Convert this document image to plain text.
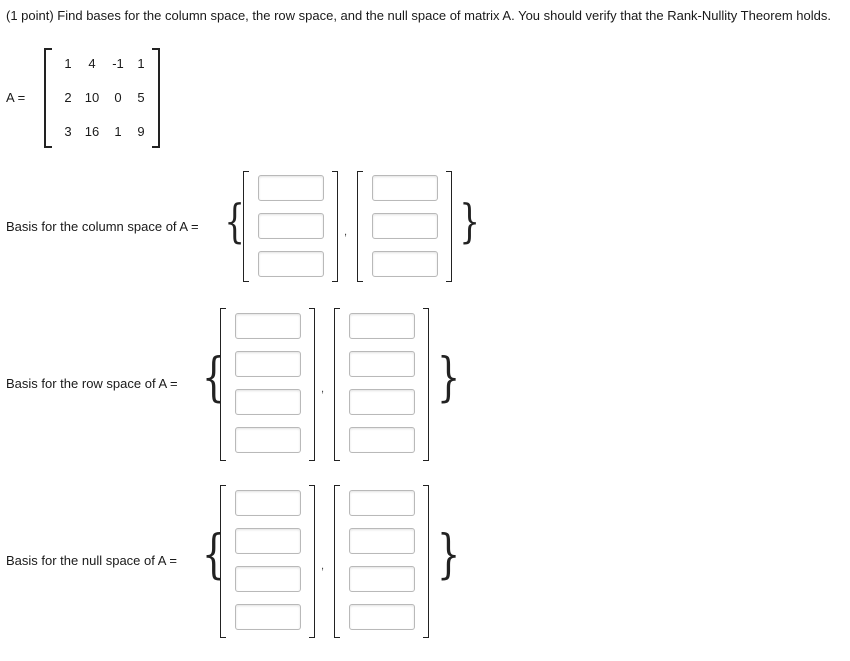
(1 point) Find bases for the column space, the row space, and the null space of matrix A. You should verify that the Rank-Nullity Theorem holds.
A =
1	4	-1	1
2	10	0	5
3	16	1	9
Basis for the column space of A = {	, }
Basis for the row space of A = {	, }
Basis for the null space of A = {	, }
